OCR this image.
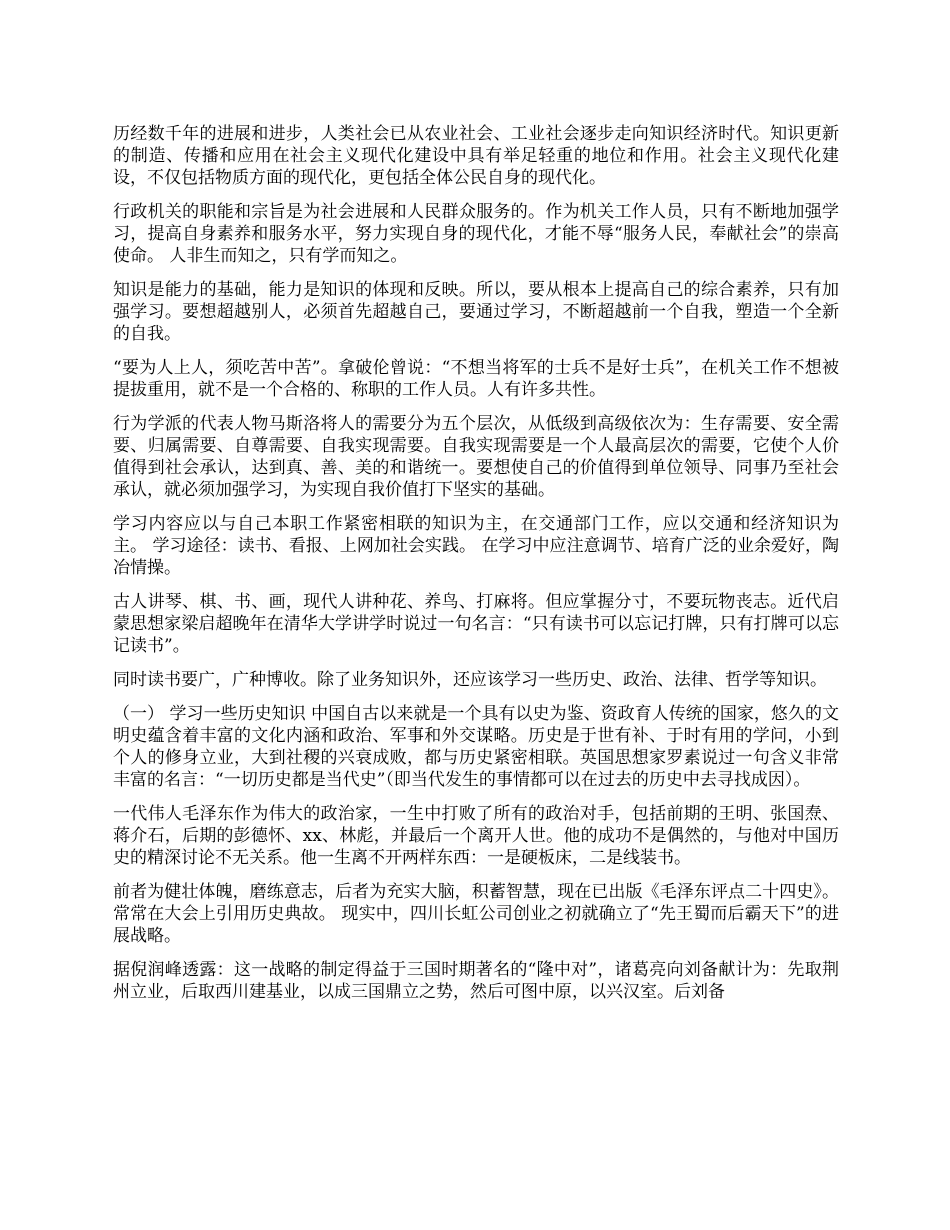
历经数千年的进展和进步，人类社会已从农业社会、工业社会逐步走向知识经济时代。知识更新的制造、传播和应用在社会主义现代化建设中具有举足轻重的地位和作用。社会主义现代化建设，不仅包括物质方面的现代化，更包括全体公民自身的现代化。

行政机关的职能和宗旨是为社会进展和人民群众服务的。作为机关工作人员，只有不断地加强学习，提高自身素养和服务水平，努力实现自身的现代化，才能不辱“服务人民，奉献社会”的崇高使命。 人非生而知之，只有学而知之。

知识是能力的基础，能力是知识的体现和反映。所以，要从根本上提高自己的综合素养，只有加强学习。要想超越别人，必须首先超越自己，要通过学习，不断超越前一个自我，塑造一个全新的自我。

“要为人上人，须吃苦中苦”。拿破伦曾说：“不想当将军的士兵不是好士兵”，在机关工作不想被提拔重用，就不是一个合格的、称职的工作人员。人有许多共性。

行为学派的代表人物马斯洛将人的需要分为五个层次，从低级到高级依次为：生存需要、安全需要、归属需要、自尊需要、自我实现需要。自我实现需要是一个人最高层次的需要，它使个人价值得到社会承认，达到真、善、美的和谐统一。要想使自己的价值得到单位领导、同事乃至社会承认，就必须加强学习，为实现自我价值打下坚实的基础。

学习内容应以与自己本职工作紧密相联的知识为主，在交通部门工作，应以交通和经济知识为主。 学习途径：读书、看报、上网加社会实践。 在学习中应注意调节、培育广泛的业余爱好，陶冶情操。

古人讲琴、棋、书、画，现代人讲种花、养鸟、打麻将。但应掌握分寸，不要玩物丧志。近代启蒙思想家梁启超晚年在清华大学讲学时说过一句名言：“只有读书可以忘记打牌，只有打牌可以忘记读书”。

同时读书要广，广种博收。除了业务知识外，还应该学习一些历史、政治、法律、哲学等知识。

（一） 学习一些历史知识 中国自古以来就是一个具有以史为鉴、资政育人传统的国家，悠久的文明史蕴含着丰富的文化内涵和政治、军事和外交谋略。历史是于世有补、于时有用的学问，小到个人的修身立业，大到社稷的兴衰成败，都与历史紧密相联。英国思想家罗素说过一句含义非常丰富的名言：“一切历史都是当代史”（即当代发生的事情都可以在过去的历史中去寻找成因）。

一代伟人毛泽东作为伟大的政治家，一生中打败了所有的政治对手，包括前期的王明、张国焘、蒋介石，后期的彭德怀、xx、林彪，并最后一个离开人世。他的成功不是偶然的，与他对中国历史的精深讨论不无关系。他一生离不开两样东西：一是硬板床，二是线装书。

前者为健壮体魄，磨练意志，后者为充实大脑，积蓄智慧，现在已出版《毛泽东评点二十四史》。常常在大会上引用历史典故。 现实中，四川长虹公司创业之初就确立了“先王蜀而后霸天下”的进展战略。

据倪润峰透露：这一战略的制定得益于三国时期著名的“隆中对”，诸葛亮向刘备献计为：先取荆州立业，后取西川建基业，以成三国鼎立之势，然后可图中原，以兴汉室。后刘备
